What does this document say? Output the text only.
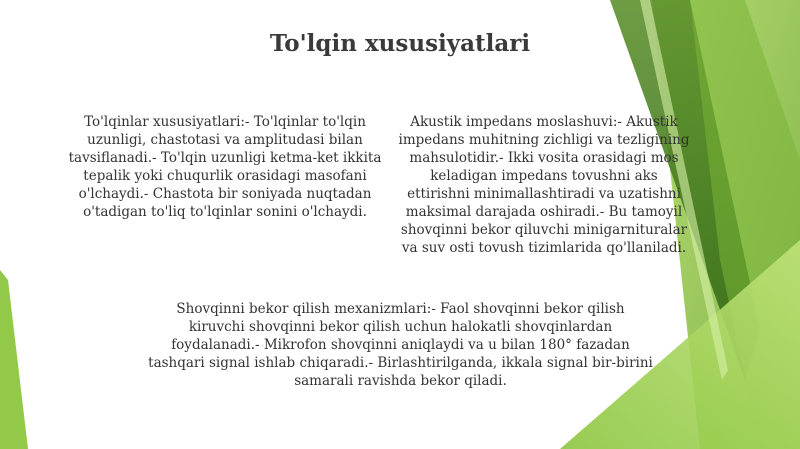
To'lqin xususiyatlari

To'lqinlar xususiyatlari:- To'lqinlar to'lqin uzunligi, chastotasi va amplitudasi bilan tavsiflanadi.- To'lqin uzunligi ketma-ket ikkita tepalik yoki chuqurlik orasidagi masofani o'lchaydi.- Chastota bir soniyada nuqtadan o'tadigan to'liq to'lqinlar sonini o'lchaydi.

Akustik impedans moslashuvi:- Akustik impedans muhitning zichligi va tezligining mahsulotidir.- Ikki vosita orasidagi mos keladigan impedans tovushni aks ettirishni minimallashtiradi va uzatishni maksimal darajada oshiradi.- Bu tamoyil shovqinni bekor qiluvchi minigarnituralar va suv osti tovush tizimlarida qo'llaniladi.

Shovqinni bekor qilish mexanizmlari:- Faol shovqinni bekor qilish kiruvchi shovqinni bekor qilish uchun halokatli shovqinlardan foydalanadi.- Mikrofon shovqinni aniqlaydi va u bilan 180° fazadan tashqari signal ishlab chiqaradi.- Birlashtirilganda, ikkala signal bir-birini samarali ravishda bekor qiladi.
